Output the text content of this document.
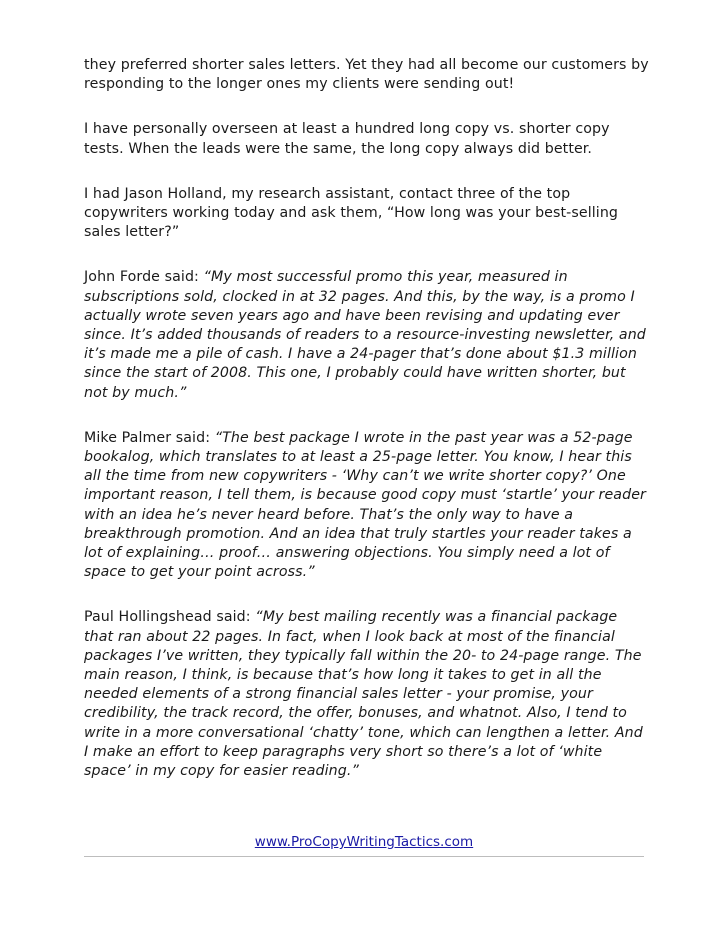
they preferred shorter sales letters. Yet they had all become our customers by responding to the longer ones my clients were sending out!

I have personally overseen at least a hundred long copy vs. shorter copy tests. When the leads were the same, the long copy always did better.

I had Jason Holland, my research assistant, contact three of the top copywriters working today and ask them, “How long was your best-selling sales letter?”

John Forde said: “My most successful promo this year, measured in subscriptions sold, clocked in at 32 pages. And this, by the way, is a promo I actually wrote seven years ago and have been revising and updating ever since. It’s added thousands of readers to a resource-investing newsletter, and it’s made me a pile of cash. I have a 24-pager that’s done about $1.3 million since the start of 2008. This one, I probably could have written shorter, but not by much.”

Mike Palmer said: “The best package I wrote in the past year was a 52-page bookalog, which translates to at least a 25-page letter. You know, I hear this all the time from new copywriters - ‘Why can’t we write shorter copy?’ One important reason, I tell them, is because good copy must ‘startle’ your reader with an idea he’s never heard before. That’s the only way to have a breakthrough promotion. And an idea that truly startles your reader takes a lot of explaining… proof… answering objections. You simply need a lot of space to get your point across.”

Paul Hollingshead said: “My best mailing recently was a financial package that ran about 22 pages. In fact, when I look back at most of the financial packages I’ve written, they typically fall within the 20- to 24-page range. The main reason, I think, is because that’s how long it takes to get in all the needed elements of a strong financial sales letter - your promise, your credibility, the track record, the offer, bonuses, and whatnot. Also, I tend to write in a more conversational ‘chatty’ tone, which can lengthen a letter. And I make an effort to keep paragraphs very short so there’s a lot of ‘white space’ in my copy for easier reading.”

www.ProCopyWritingTactics.com
